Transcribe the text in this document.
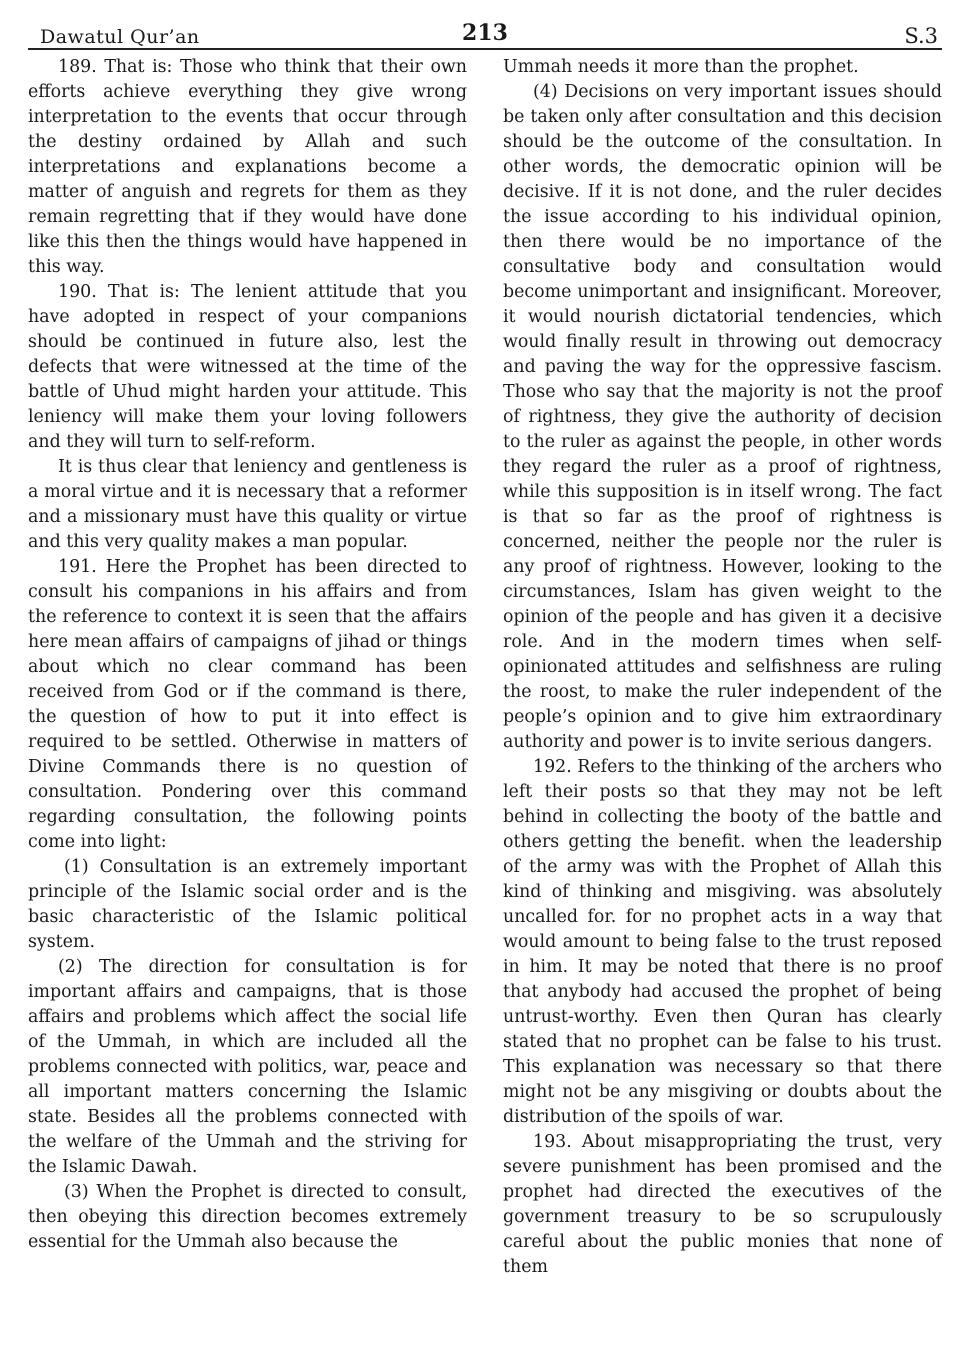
Dawatul Qur’an	213	S.3

189. That is: Those who think that their own efforts achieve everything they give wrong interpretation to the events that occur through the destiny ordained by Allah and such interpretations and explanations become a matter of anguish and regrets for them as they remain regretting that if they would have done like this then the things would have happened in this way.

190. That is: The lenient attitude that you have adopted in respect of your companions should be continued in future also, lest the defects that were witnessed at the time of the battle of Uhud might harden your attitude. This leniency will make them your loving followers and they will turn to self-reform.

It is thus clear that leniency and gentleness is a moral virtue and it is necessary that a reformer and a missionary must have this quality or virtue and this very quality makes a man popular.

191. Here the Prophet has been directed to consult his companions in his affairs and from the reference to context it is seen that the affairs here mean affairs of campaigns of jihad or things about which no clear command has been received from God or if the command is there, the question of how to put it into effect is required to be settled. Otherwise in matters of Divine Commands there is no question of consultation. Pondering over this command regarding consultation, the following points come into light:

(1) Consultation is an extremely important principle of the Islamic social order and is the basic characteristic of the Islamic political system.

(2) The direction for consultation is for important affairs and campaigns, that is those affairs and problems which affect the social life of the Ummah, in which are included all the problems connected with politics, war, peace and all important matters concerning the Islamic state. Besides all the problems connected with the welfare of the Ummah and the striving for the Islamic Dawah.

(3) When the Prophet is directed to consult, then obeying this direction becomes extremely essential for the Ummah also because the

Ummah needs it more than the prophet.

(4) Decisions on very important issues should be taken only after consultation and this decision should be the outcome of the consultation. In other words, the democratic opinion will be decisive. If it is not done, and the ruler decides the issue according to his individual opinion, then there would be no importance of the consultative body and consultation would become unimportant and insignificant. Moreover, it would nourish dictatorial tendencies, which would finally result in throwing out democracy and paving the way for the oppressive fascism. Those who say that the majority is not the proof of rightness, they give the authority of decision to the ruler as against the people, in other words they regard the ruler as a proof of rightness, while this supposition is in itself wrong. The fact is that so far as the proof of rightness is concerned, neither the people nor the ruler is any proof of rightness. However, looking to the circumstances, Islam has given weight to the opinion of the people and has given it a decisive role. And in the modern times when self-opinionated attitudes and selfishness are ruling the roost, to make the ruler independent of the people’s opinion and to give him extraordinary authority and power is to invite serious dangers.

192. Refers to the thinking of the archers who left their posts so that they may not be left behind in collecting the booty of the battle and others getting the benefit. when the leadership of the army was with the Prophet of Allah this kind of thinking and misgiving. was absolutely uncalled for. for no prophet acts in a way that would amount to being false to the trust reposed in him. It may be noted that there is no proof that anybody had accused the prophet of being untrust-worthy. Even then Quran has clearly stated that no prophet can be false to his trust. This explanation was necessary so that there might not be any misgiving or doubts about the distribution of the spoils of war.

193. About misappropriating the trust, very severe punishment has been promised and the prophet had directed the executives of the government treasury to be so scrupulously careful about the public monies that none of them
